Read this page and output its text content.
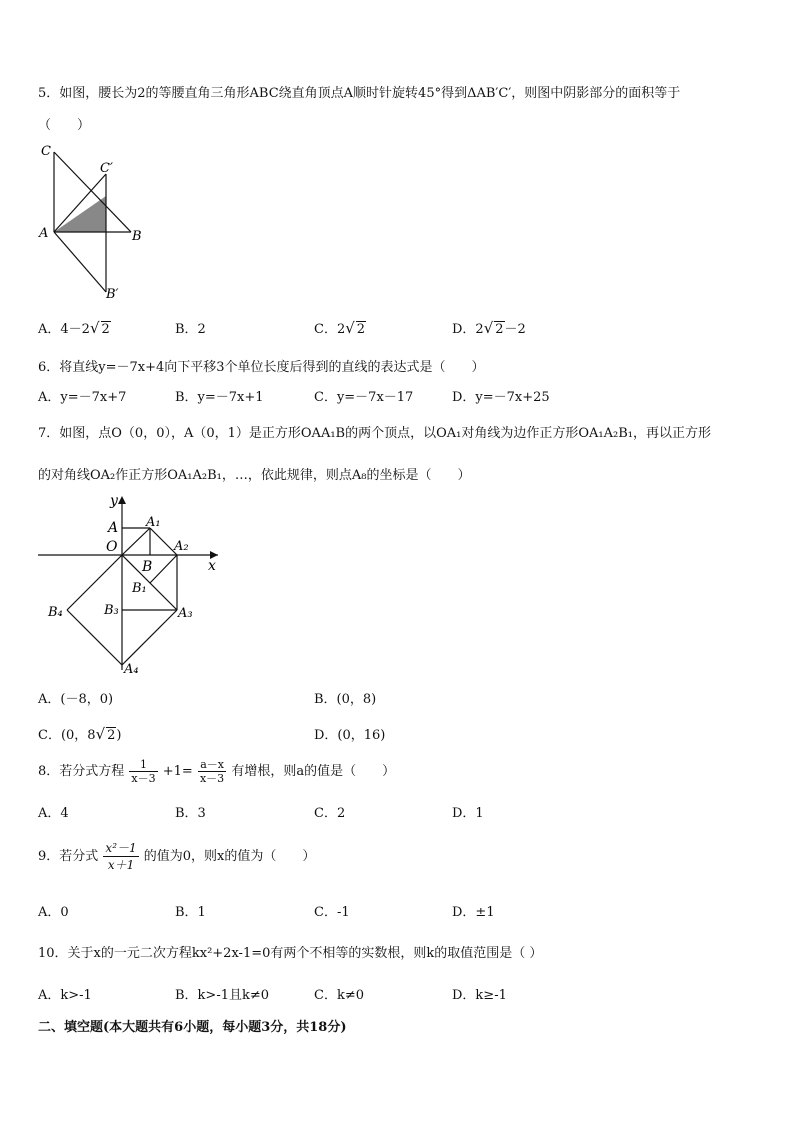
5．如图，腰长为2的等腰直角三角形ABC绕直角顶点A顺时针旋转45°得到ΔAB′C′，则图中阴影部分的面积等于
（　　）
C
C′
A	B
B′
A．4－2√ 2	B．2	C．2√ 2	D．2√ 2－2
6．将直线y=－7x+4向下平移3个单位长度后得到的直线的表达式是（　　）
A．y=－7x+7	B．y=－7x+1	C．y=－7x－17	D．y=－7x+25
7．如图，点O（0，0），A（0，1）是正方形OAA₁B的两个顶点，以OA₁对角线为边作正方形OA₁A₂B₁，再以正方形
的对角线OA₂作正方形OA₁A₂B₁，…，依此规律，则点A₈的坐标是（　　）
y
x
A
O
A₁
A₂
B
B₁
B₃	A₃
B₄
A₄
A．(－8，0)	B．(0，8)
C．(0，8√ 2)	D．(0，16)
8．若分式方程 $\frac{1}{x-3} +1= \frac{a-x}{x-3}$ 有增根，则a的值是（　　）
A．4	B．3	C．2	D．1
9．若分式 $\frac{\text{x²－1}}{x+1}$ 的值为0，则x的值为（　　）
A．0	B．1	C．-1	D．±1
10．关于x的一元二次方程kx²+2x-1=0有两个不相等的实数根，则k的取值范围是（ ）
A．k>-1	B．k>-1且k≠0	C．k≠0	D．k≥-1
二、填空题(本大题共有6小题，每小题3分，共18分)
